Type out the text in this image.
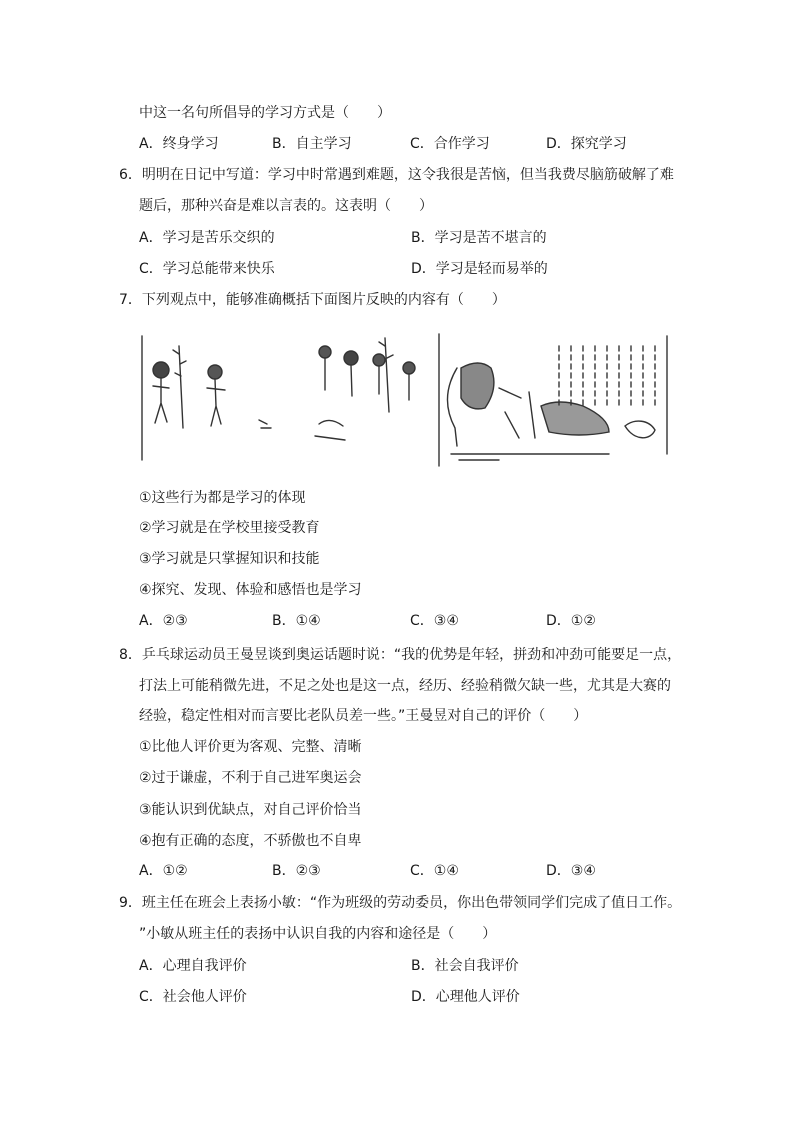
中这一名句所倡导的学习方式是（　　）
A．终身学习	B．自主学习	C．合作学习	D．探究学习
6．明明在日记中写道：学习中时常遇到难题，这令我很是苦恼，但当我费尽脑筋破解了难
题后，那种兴奋是难以言表的。这表明（　　）
A．学习是苦乐交织的	B．学习是苦不堪言的
C．学习总能带来快乐	D．学习是轻而易举的
7．下列观点中，能够准确概括下面图片反映的内容有（　　）
①这些行为都是学习的体现
②学习就是在学校里接受教育
③学习就是只掌握知识和技能
④探究、发现、体验和感悟也是学习
A．②③	B．①④	C．③④	D．①②
8．乒乓球运动员王曼昱谈到奥运话题时说：“我的优势是年轻，拼劲和冲劲可能要足一点，
打法上可能稍微先进，不足之处也是这一点，经历、经验稍微欠缺一些，尤其是大赛的
经验，稳定性相对而言要比老队员差一些。”王曼昱对自己的评价（　　）
①比他人评价更为客观、完整、清晰
②过于谦虚，不利于自己进军奥运会
③能认识到优缺点，对自己评价恰当
④抱有正确的态度，不骄傲也不自卑
A．①②	B．②③	C．①④	D．③④
9．班主任在班会上表扬小敏：“作为班级的劳动委员，你出色带领同学们完成了值日工作。
”小敏从班主任的表扬中认识自我的内容和途径是（　　）
A．心理自我评价	B．社会自我评价
C．社会他人评价	D．心理他人评价
